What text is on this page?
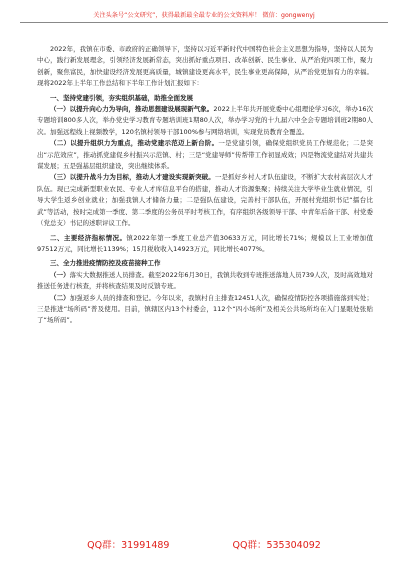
关注头条号“公文研究”，获得最新最全最专业的公文资料库！ 微信：gongwenyj

2022年，我镇在市委、市政府的正确领导下，坚持以习近平新时代中国特色社会主义思想为指导，坚持以人民为中心，践行新发展理念，引领经济发展新常态，突出抓好重点项目、改革创新、民生事业、从严治党四项工作，聚力创新，聚焦富民，加快建设经济发展更高质量，城镇建设更高水平，民生事业更高保障，从严治党更加有力的幸福。现将2022年上半年工作总结和下半年工作计划汇报如下：

一、坚持党建引领，夯实组织基础，助推全面发展

（一）以提升向心力为导向，推动思想建设展现新气象。2022上半年共开展党委中心组理论学习6次，举办16次专题培训800多人次，举办党史学习教育专题培训班1期80人次，举办学习党的十九届六中全会专题培训班2期80人次。加强远程线上视频教学，120名镇村领导干部100%参与网络培训，实现党员教育全覆盖。

（二）以提升组织力为重点，推动党建示范迈上新台阶。一是党建引领，确保党组织党员工作规范化；二是突出“示范效应”，推动抓党建促乡村振兴示范镇、村；三是“党建导师”传帮带工作初显成效；四是物流党建结对共建共谋发展；五是强基层组织建设，突出继续体系。

（三）以提升战斗力为目标，推动人才建设实现新突破。一是抓好乡村人才队伍建设，不断扩大农村高层次人才队伍。现已完成新型职业农民、专业人才库信息平台的搭建，推动人才资源集聚；持续关注大学毕业生就业情况，引导大学生返乡创业就业；加强我镇人才储备力量；二是强队伍建设，完善村干部队伍，开展村党组织书记“擂台比武”等活动，按时完成第一季度、第二季度的公务员平时考核工作，有序组织各级领导干部、中青年后备干部、村党委（党总支）书记的述职评议工作。

二、主要经济指标情况。镇2022年第一季度工业总产值30633万元，同比增长71%；规模以上工业增加值97512万元，同比增长1139%；15月税收收入14923万元，同比增长4077%。

三、全力推进疫情防控及疫苗接种工作

（一）落实大数据推送人员排查。截至2022年6月30日，我镇共收到专班推送落地人员739人次，及时高效地对推送任务进行核查，并将核查结果及时反馈专班。

（二）加强返乡人员的排查和登记。今年以来，我镇村自主排查12451人次，确保疫情防控各项措施落到实处；三是推进“场所码”普及使用。目前，镇辖区内13个村委会，112个“四小场所”及相关公共场所均在入门显眼处张贴了“场所码”。

QQ群：31991489	QQ群：535304092
